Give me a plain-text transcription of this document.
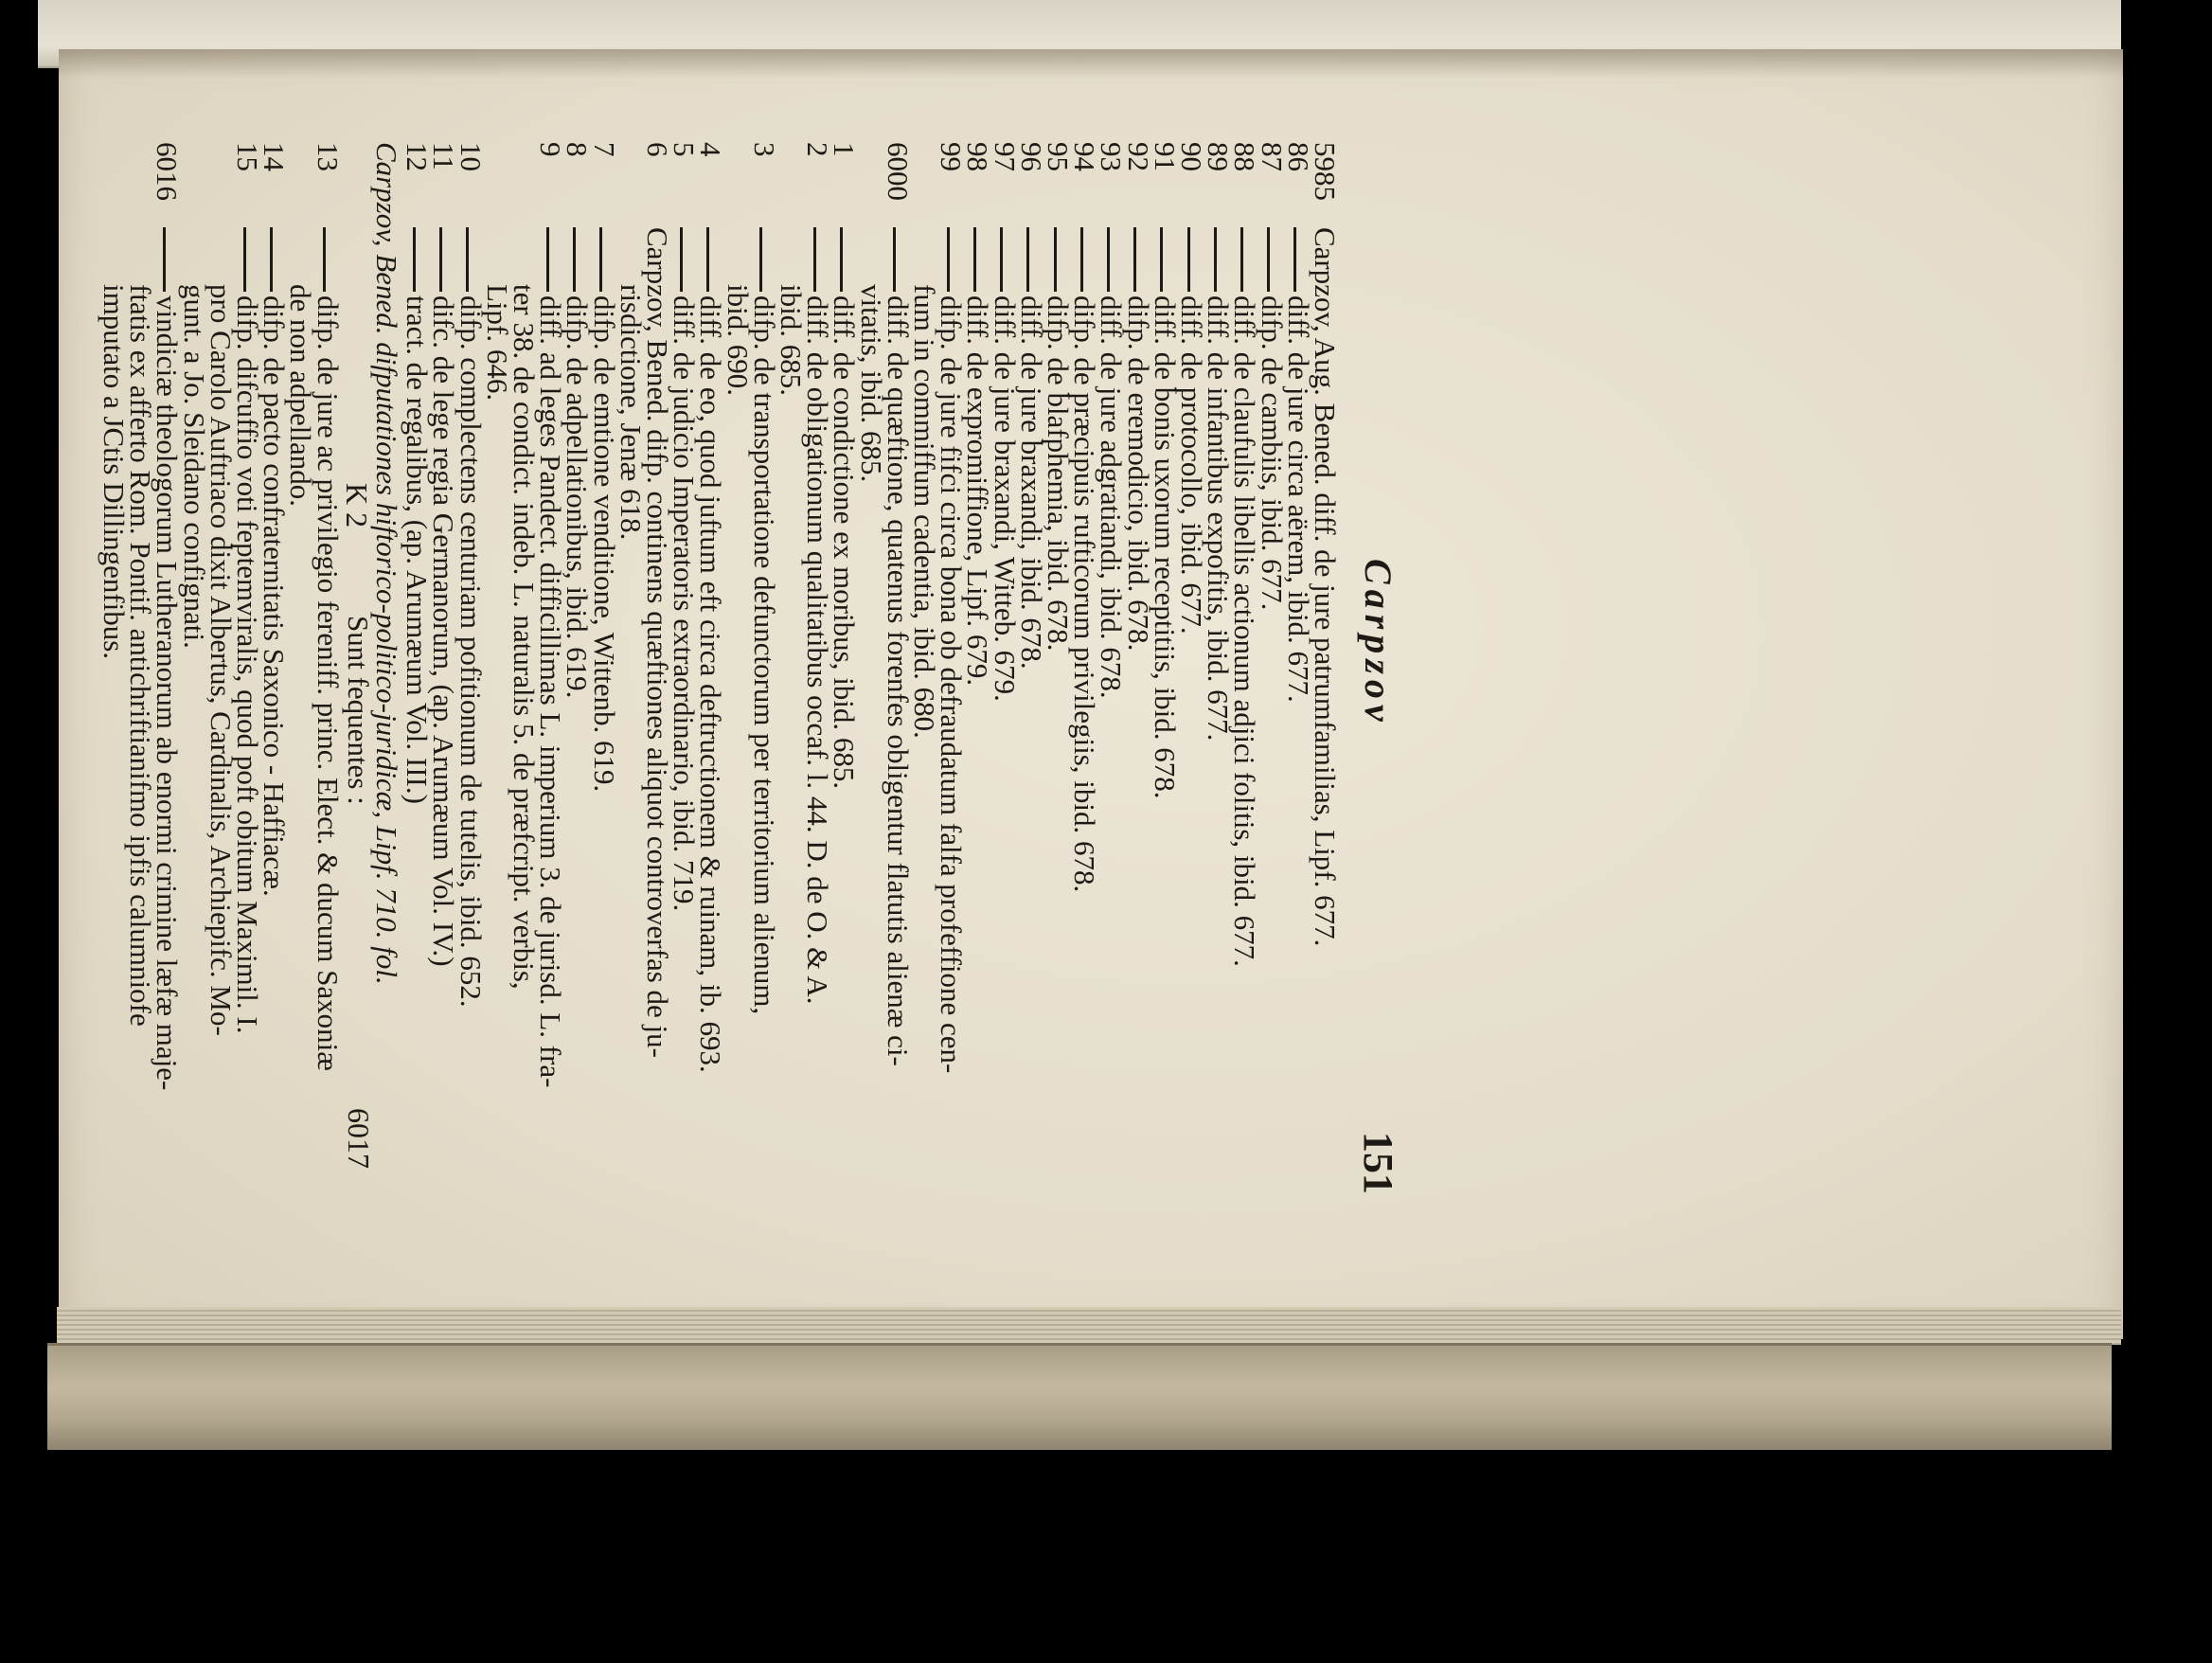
Carpzov
151
5985Carpzov, Aug. Bened. diff. de jure patrumfamilias, Lipf. 677.
86diff. de jure circa aërem, ibid. 677.
87difp. de cambiis, ibid. 677.
88diff. de claufulis libellis actionum adjici folitis, ibid. 677.
89diff. de infantibus expofitis, ibid. 677.
90diff. de protocollo, ibid. 677.
91diff. de bonis uxorum receptitiis, ibid. 678.
92difp. de eremodicio, ibid. 678.
93diff. de jure adgratiandi, ibid. 678.
94difp. de præcipuis rufticorum privilegiis, ibid. 678.
95difp. de blafphemia, ibid. 678.
96diff. de jure braxandi, ibid. 678.
97diff. de jure braxandi, Witteb. 679.
98diff. de expromiffione, Lipf. 679.
99difp. de jure fifci circa bona ob defraudatum falfa profeffione cen-
fum in commiffum cadentia, ibid. 680.
6000diff. de quæftione, quatenus forenfes obligentur flatutis alienæ ci-
vitatis, ibid. 685.
1diff. de condictione ex moribus, ibid. 685.
2diff. de obligationum qualitatibus occaf. l. 44. D. de O. & A.
ibid. 685.
3difp. de transportatione defunctorum per territorium alienum,
ibid. 690.
4diff. de eo, quod juftum eft circa deftructionem & ruinam, ib. 693.
5diff. de judicio Imperatoris extraordinario, ibid. 719.
6Carpzov, Bened. difp. continens quæftiones aliquot controverfas de ju-
risdictione, Jenæ 618.
7difp. de emtione venditione, Wittenb. 619.
8difp. de adpellationibus, ibid. 619.
9diff. ad leges Pandect. difficillimas L. imperium 3. de jurisd. L. fra-
ter 38. de condict. indeb. L. naturalis 5. de præfcript. verbis,
Lipf. 646.
10difp. complectens centuriam pofitionum de tutelis, ibid. 652.
11difc. de lege regia Germanorum, (ap. Arumæum Vol. IV.)
12tract. de regalibus, (ap. Arumæum Vol. III.)
Carpzov, Bened. difputationes hiftorico-politico-juridicæ, Lipf. 710. fol.
Sunt fequentes :
13difp. de jure ac privilegio fereniff. princ. Elect. & ducum Saxoniæ
de non adpellando.
14difp. de pacto confraternitatis Saxonico - Haffiacæ.
15difp. difcuffio voti feptemviralis, quod poft obitum Maximil. I.
pro Carolo Auftriaco dixit Albertus, Cardinalis, Archiepifc. Mo-
gunt. a Jo. Sleidano confignati.
6016vindiciæ theologorum Lutheranorum ab enormi crimine læfæ maje-
ftatis ex afferto Rom. Pontif. antichriftianifmo ipfis calumniofe
imputato a JCtis Dillingenfibus.	K 2
6017
